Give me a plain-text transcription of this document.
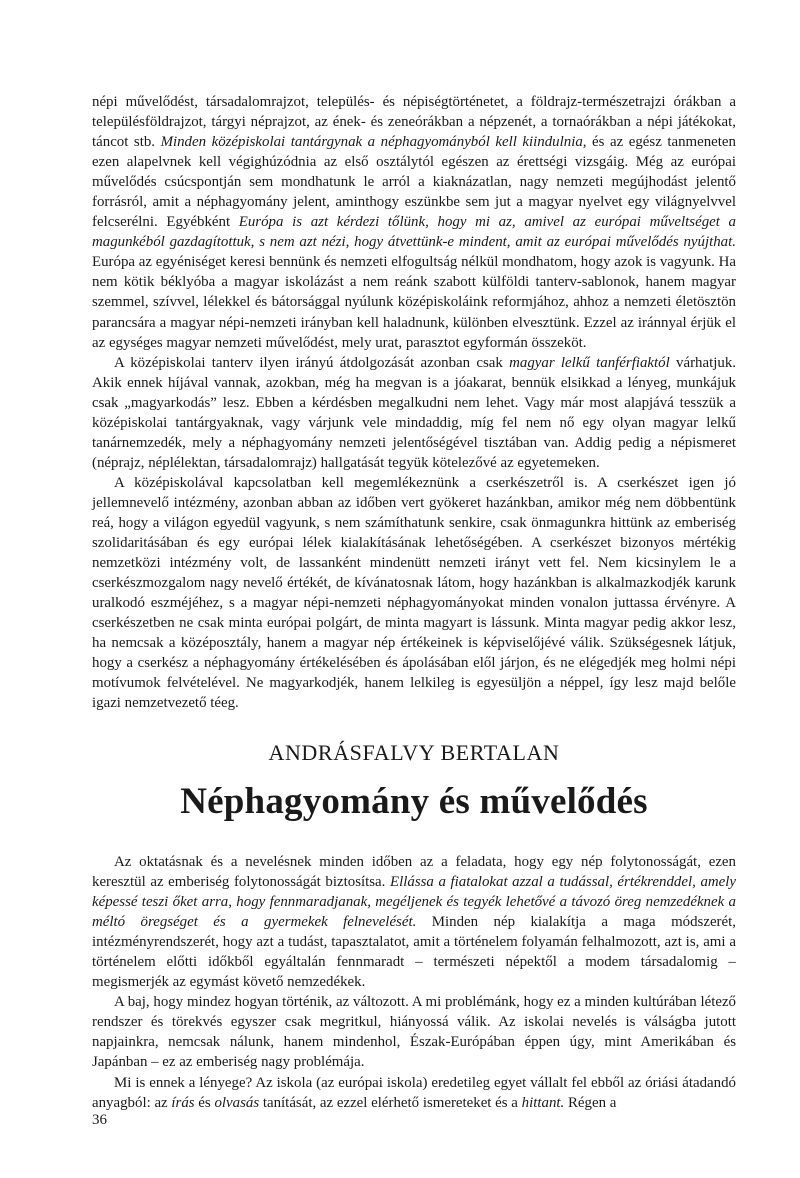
népi művelődést, társadalomrajzot, település- és népiségtörténetet, a földrajz-természetrajzi órákban a településföldrajzot, tárgyi néprajzot, az ének- és zeneórákban a népzenét, a tornaórákban a népi játékokat, táncot stb. Minden középiskolai tantárgynak a néphagyományból kell kiindulnia, és az egész tanmeneten ezen alapelvnek kell végighúzódnia az első osztálytól egészen az érettségi vizsgáig. Még az európai művelődés csúcspontján sem mondhatunk le arról a kiaknázatlan, nagy nemzeti megújhodást jelentő forrásról, amit a néphagyomány jelent, aminthogy eszünkbe sem jut a magyar nyelvet egy világnyelvvel felcserélni. Egyébként Európa is azt kérdezi tőlünk, hogy mi az, amivel az európai műveltséget a magunkéból gazdagítottuk, s nem azt nézi, hogy átvettünk-e mindent, amit az európai művelődés nyújthat. Európa az egyéniséget keresi bennünk és nemzeti elfogultság nélkül mondhatom, hogy azok is vagyunk. Ha nem kötik béklyóba a magyar iskolázást a nem reánk szabott külföldi tanterv-sablonok, hanem magyar szemmel, szívvel, lélekkel és bátorsággal nyúlunk középiskoláink reformjához, ahhoz a nemzeti életösztön parancsára a magyar népi-nemzeti irányban kell haladnunk, különben elvesztünk. Ezzel az iránnyal érjük el az egységes magyar nemzeti művelődést, mely urat, parasztot egyformán összeköt.

A középiskolai tanterv ilyen irányú átdolgozását azonban csak magyar lelkű tanférfiaktól várhatjuk. Akik ennek híjával vannak, azokban, még ha megvan is a jóakarat, bennük elsikkad a lényeg, munkájuk csak „magyarkodás” lesz. Ebben a kérdésben megalkudni nem lehet. Vagy már most alapjává tesszük a középiskolai tantárgyaknak, vagy várjunk vele mindaddig, míg fel nem nő egy olyan magyar lelkű tanárnemzedék, mely a néphagyomány nemzeti jelentőségével tisztában van. Addig pedig a népismeret (néprajz, néplélektan, társadalomrajz) hallgatását tegyük kötelezővé az egyetemeken.

A középiskolával kapcsolatban kell megemlékeznünk a cserkészetről is. A cserkészet igen jó jellemnevelő intézmény, azonban abban az időben vert gyökeret hazánkban, amikor még nem döbbentünk reá, hogy a világon egyedül vagyunk, s nem számíthatunk senkire, csak önmagunkra hittünk az emberiség szolidaritásában és egy európai lélek kialakításának lehetőségében. A cserkészet bizonyos mértékig nemzetközi intézmény volt, de lassanként mindenütt nemzeti irányt vett fel. Nem kicsinylem le a cserkészmozgalom nagy nevelő értékét, de kívánatosnak látom, hogy hazánkban is alkalmazkodjék karunk uralkodó eszméjéhez, s a magyar népi-nemzeti néphagyományokat minden vonalon juttassa érvényre. A cserkészetben ne csak minta európai polgárt, de minta magyart is lássunk. Minta magyar pedig akkor lesz, ha nemcsak a középosztály, hanem a magyar nép értékeinek is képviselőjévé válik. Szükségesnek látjuk, hogy a cserkész a néphagyomány értékelésében és ápolásában elől járjon, és ne elégedjék meg holmi népi motívumok felvételével. Ne magyarkodjék, hanem lelkileg is egyesüljön a néppel, így lesz majd belőle igazi nemzetvezető téeg.

ANDRÁSFALVY BERTALAN
Néphagyomány és művelődés

Az oktatásnak és a nevelésnek minden időben az a feladata, hogy egy nép folytonosságát, ezen keresztül az emberiség folytonosságát biztosítsa. Ellássa a fiatalokat azzal a tudással, értékrenddel, amely képessé teszi őket arra, hogy fennmaradjanak, megéljenek és tegyék lehetővé a távozó öreg nemzedéknek a méltó öregséget és a gyermekek felnevelését. Minden nép kialakítja a maga módszerét, intézményrendszerét, hogy azt a tudást, tapasztalatot, amit a történelem folyamán felhalmozott, azt is, ami a történelem előtti időkből egyáltalán fennmaradt – természeti népektől a modem társadalomig – megismerjék az egymást követő nemzedékek.

A baj, hogy mindez hogyan történik, az változott. A mi problémánk, hogy ez a minden kultúrában létező rendszer és törekvés egyszer csak megritkul, hiányossá válik. Az iskolai nevelés is válságba jutott napjainkra, nemcsak nálunk, hanem mindenhol, Észak-Európában éppen úgy, mint Amerikában és Japánban – ez az emberiség nagy problémája.

Mi is ennek a lényege? Az iskola (az európai iskola) eredetileg egyet vállalt fel ebből az óriási átadandó anyagból: az írás és olvasás tanítását, az ezzel elérhető ismereteket és a hittant. Régen a

36
